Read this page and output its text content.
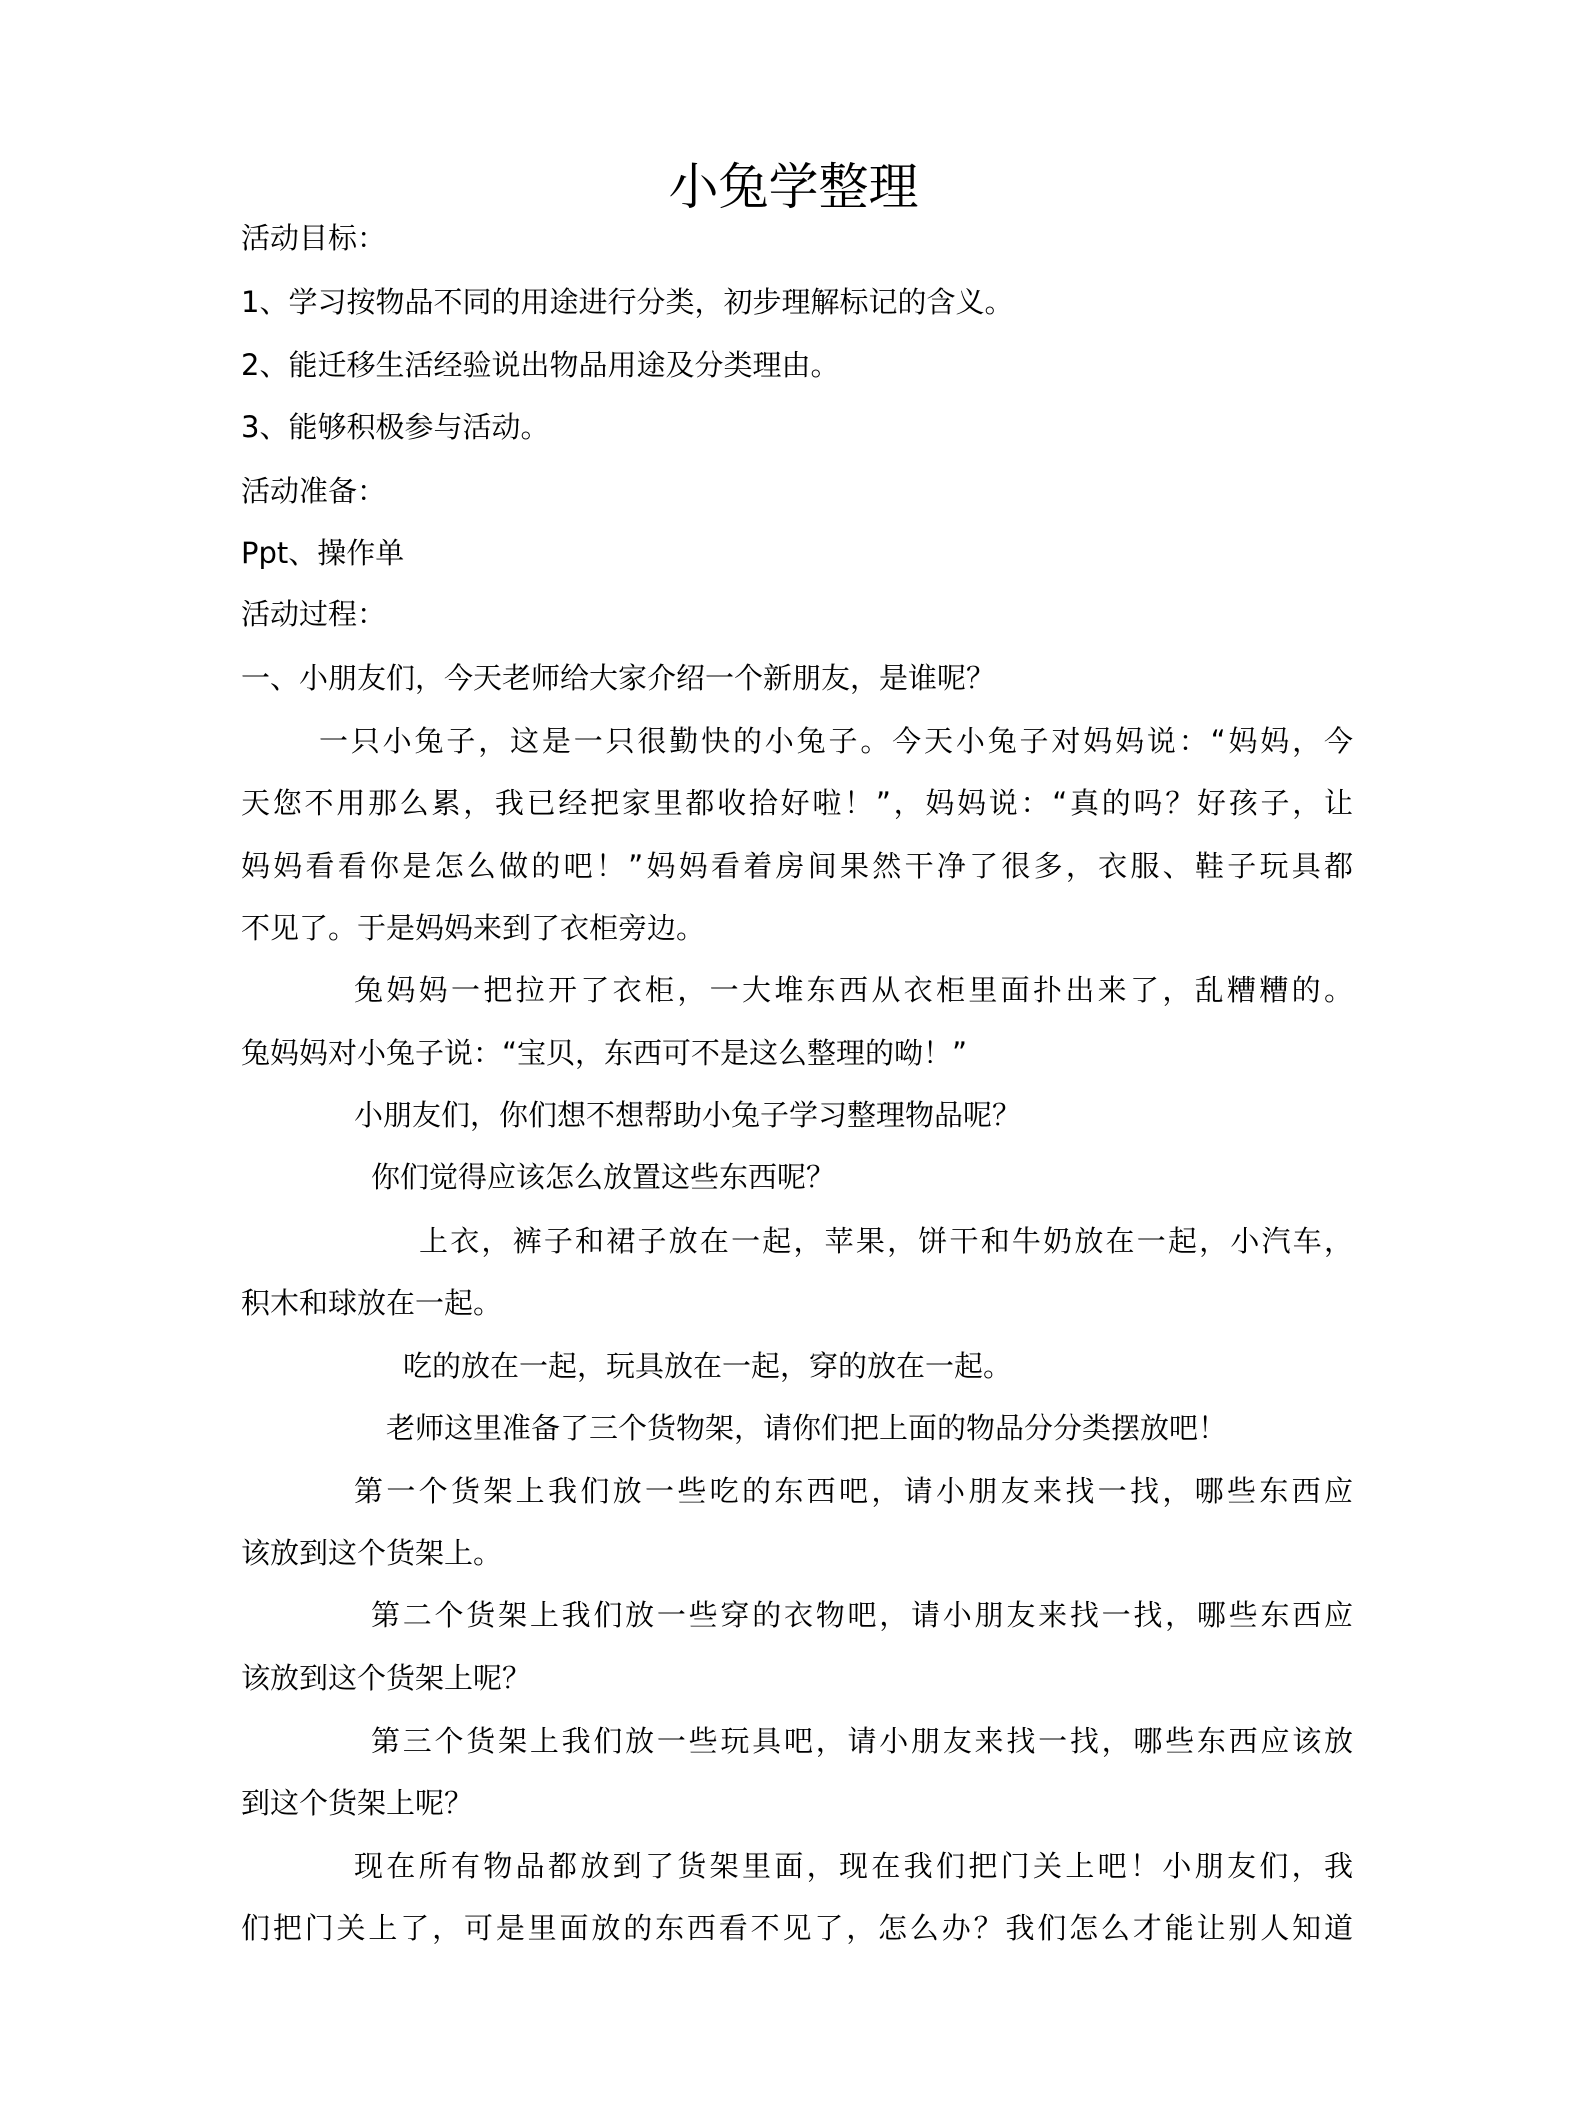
小兔学整理
活动目标：
1、学习按物品不同的用途进行分类，初步理解标记的含义。
2、能迁移生活经验说出物品用途及分类理由。
3、能够积极参与活动。
活动准备：
Ppt、操作单
活动过程：
一、小朋友们，今天老师给大家介绍一个新朋友，是谁呢？
一只小兔子，这是一只很勤快的小兔子。今天小兔子对妈妈说：“妈妈，今
天您不用那么累，我已经把家里都收拾好啦！”，妈妈说：“真的吗？好孩子，让
妈妈看看你是怎么做的吧！”妈妈看着房间果然干净了很多，衣服、鞋子玩具都
不见了。于是妈妈来到了衣柜旁边。
兔妈妈一把拉开了衣柜，一大堆东西从衣柜里面扑出来了，乱糟糟的。
兔妈妈对小兔子说：“宝贝，东西可不是这么整理的呦！”
小朋友们，你们想不想帮助小兔子学习整理物品呢？
你们觉得应该怎么放置这些东西呢？
上衣，裤子和裙子放在一起，苹果，饼干和牛奶放在一起，小汽车，
积木和球放在一起。
吃的放在一起，玩具放在一起，穿的放在一起。
老师这里准备了三个货物架，请你们把上面的物品分分类摆放吧！
第一个货架上我们放一些吃的东西吧，请小朋友来找一找，哪些东西应
该放到这个货架上。
第二个货架上我们放一些穿的衣物吧，请小朋友来找一找，哪些东西应
该放到这个货架上呢？
第三个货架上我们放一些玩具吧，请小朋友来找一找，哪些东西应该放
到这个货架上呢？
现在所有物品都放到了货架里面，现在我们把门关上吧！小朋友们，我
们把门关上了，可是里面放的东西看不见了，怎么办？我们怎么才能让别人知道
